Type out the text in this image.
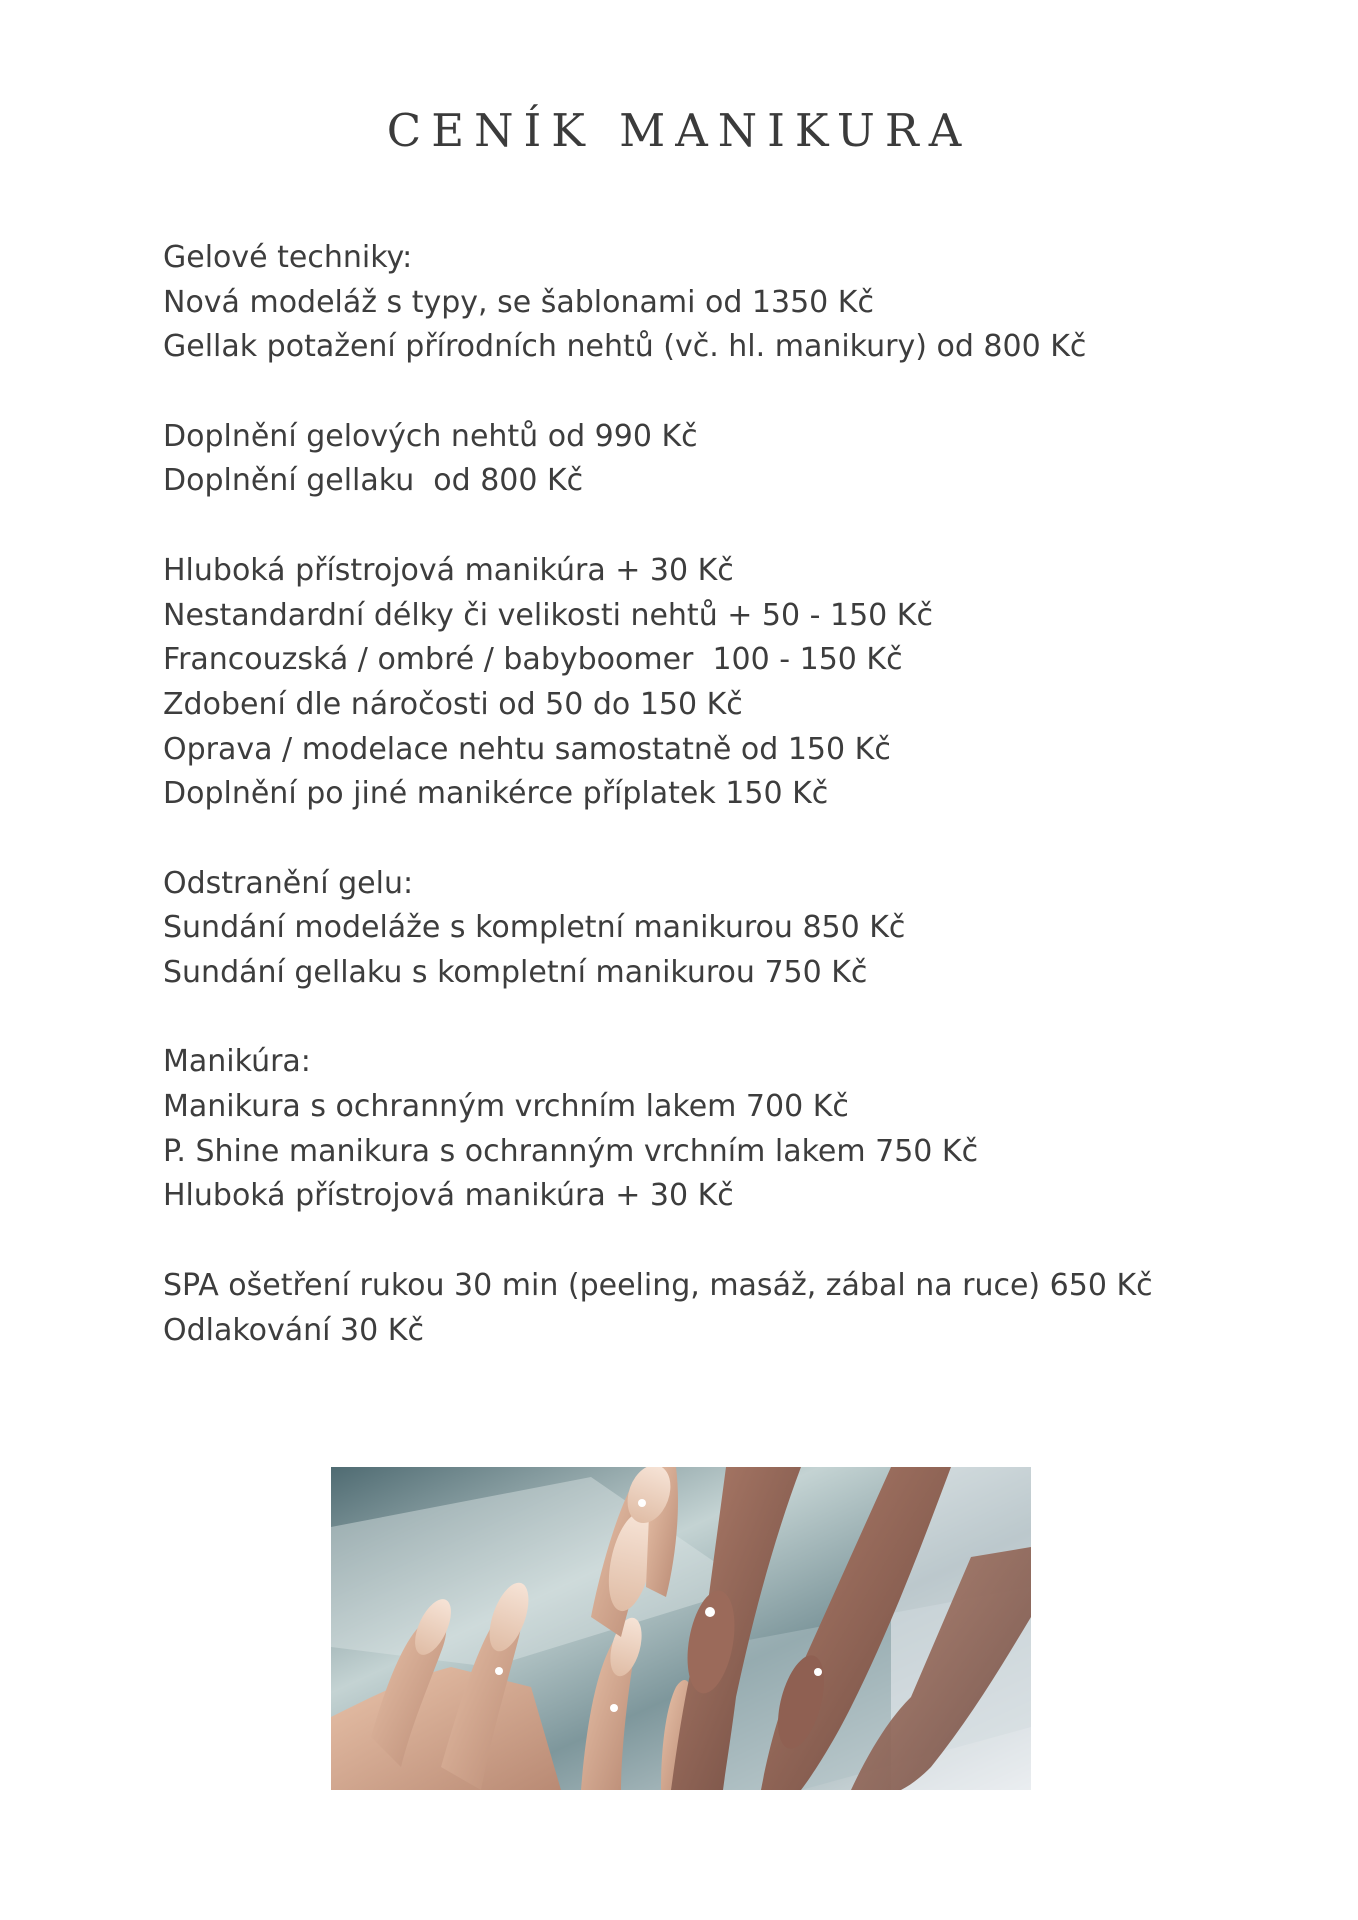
CENÍK MANIKURA
Gelové techniky:
Nová modeláž s typy, se šablonami od 1350 Kč
Gellak potažení přírodních nehtů (vč. hl. manikury) od 800 Kč
Doplnění gelových nehtů od 990 Kč
Doplnění gellaku  od 800 Kč
Hluboká přístrojová manikúra + 30 Kč
Nestandardní délky či velikosti nehtů + 50 - 150 Kč
Francouzská / ombré / babyboomer  100 - 150 Kč
Zdobení dle náročosti od 50 do 150 Kč
Oprava / modelace nehtu samostatně od 150 Kč
Doplnění po jiné manikérce příplatek 150 Kč
Odstranění gelu:
Sundání modeláže s kompletní manikurou 850 Kč
Sundání gellaku s kompletní manikurou 750 Kč
Manikúra:
Manikura s ochranným vrchním lakem 700 Kč
P. Shine manikura s ochranným vrchním lakem 750 Kč
Hluboká přístrojová manikúra + 30 Kč
SPA ošetření rukou 30 min (peeling, masáž, zábal na ruce) 650 Kč
Odlakování 30 Kč
